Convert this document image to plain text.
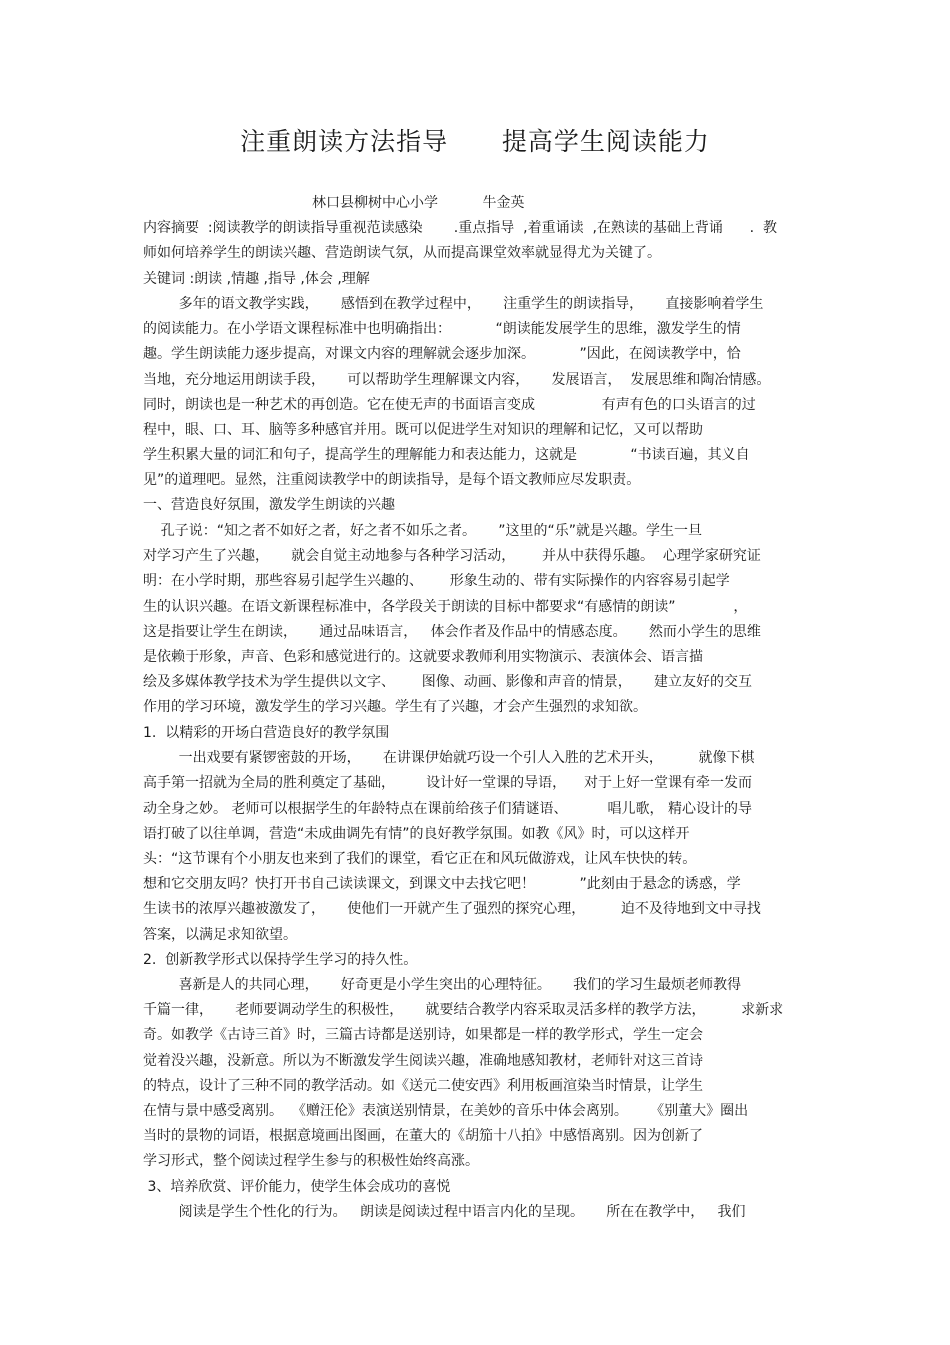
注重朗读方法指导      提高学生阅读能力
林口县柳树中心小学          牛金英
内容摘要  :阅读教学的朗读指导重视范读感染       .重点指导  ,着重诵读  ,在熟读的基础上背诵      .  教
师如何培养学生的朗读兴趣、营造朗读气氛，从而提高课堂效率就显得尤为关键了。
关键词 :朗读 ,情趣 ,指导 ,体会 ,理解
多年的语文教学实践，     感悟到在教学过程中，     注重学生的朗读指导，     直接影响着学生
的阅读能力。在小学语文课程标准中也明确指出：          “朗读能发展学生的思维，激发学生的情
趣。学生朗读能力逐步提高，对课文内容的理解就会逐步加深。          ”因此，在阅读教学中，恰
当地，充分地运用朗读手段，     可以帮助学生理解课文内容，     发展语言，  发展思维和陶冶情感。
同时，朗读也是一种艺术的再创造。它在使无声的书面语言变成               有声有色的口头语言的过
程中，眼、口、耳、脑等多种感官并用。既可以促进学生对知识的理解和记忆，又可以帮助
学生积累大量的词汇和句子，提高学生的理解能力和表达能力，这就是            “书读百遍，其义自
见”的道理吧。显然，注重阅读教学中的朗读指导，是每个语文教师应尽发职责。
一、营造良好氛围，激发学生朗读的兴趣
孔子说：“知之者不如好之者，好之者不如乐之者。     ”这里的“乐”就是兴趣。学生一旦
对学习产生了兴趣，     就会自觉主动地参与各种学习活动，      并从中获得乐趣。  心理学家研究证
明：在小学时期，那些容易引起学生兴趣的、      形象生动的、带有实际操作的内容容易引起学
生的认识兴趣。在语文新课程标准中，各学段关于朗读的目标中都要求“有感情的朗读”             ，
这是指要让学生在朗读，     通过品味语言，   体会作者及作品中的情感态度。     然而小学生的思维
是依赖于形象，声音、色彩和感觉进行的。这就要求教师利用实物演示、表演体会、语言描
绘及多媒体教学技术为学生提供以文字、      图像、动画、影像和声音的情景，     建立友好的交互
作用的学习环境，激发学生的学习兴趣。学生有了兴趣，才会产生强烈的求知欲。
1.  以精彩的开场白营造良好的教学氛围
一出戏要有紧锣密鼓的开场，     在讲课伊始就巧设一个引人入胜的艺术开头，        就像下棋
高手第一招就为全局的胜利奠定了基础，       设计好一堂课的导语，    对于上好一堂课有牵一发而
动全身之妙。 老师可以根据学生的年龄特点在课前给孩子们猜谜语、         唱儿歌， 精心设计的导
语打破了以往单调，营造“未成曲调先有情”的良好教学氛围。如教《风》时，可以这样开
头：“这节课有个小朋友也来到了我们的课堂，看它正在和风玩做游戏，让风车快快的转。
想和它交朋友吗？快打开书自己读读课文，到课文中去找它吧！          ”此刻由于悬念的诱惑，学
生读书的浓厚兴趣被激发了，     使他们一开就产生了强烈的探究心理，        迫不及待地到文中寻找
答案，以满足求知欲望。
2.  创新教学形式以保持学生学习的持久性。
喜新是人的共同心理，     好奇更是小学生突出的心理特征。     我们的学习生最烦老师教得
千篇一律，     老师要调动学生的积极性，     就要结合教学内容采取灵活多样的教学方法，        求新求
奇。如教学《古诗三首》时，三篇古诗都是送别诗，如果都是一样的教学形式，学生一定会
觉着没兴趣，没新意。所以为不断激发学生阅读兴趣，准确地感知教材，老师针对这三首诗
的特点，设计了三种不同的教学活动。如《送元二使安西》利用板画渲染当时情景，让学生
在情与景中感受离别。  《赠汪伦》表演送别情景，在美妙的音乐中体会离别。     《别董大》圈出
当时的景物的词语，根据意境画出图画，在董大的《胡笳十八拍》中感悟离别。因为创新了
学习形式，整个阅读过程学生参与的积极性始终高涨。
3、培养欣赏、评价能力，使学生体会成功的喜悦
阅读是学生个性化的行为。   朗读是阅读过程中语言内化的呈现。     所在在教学中，   我们
